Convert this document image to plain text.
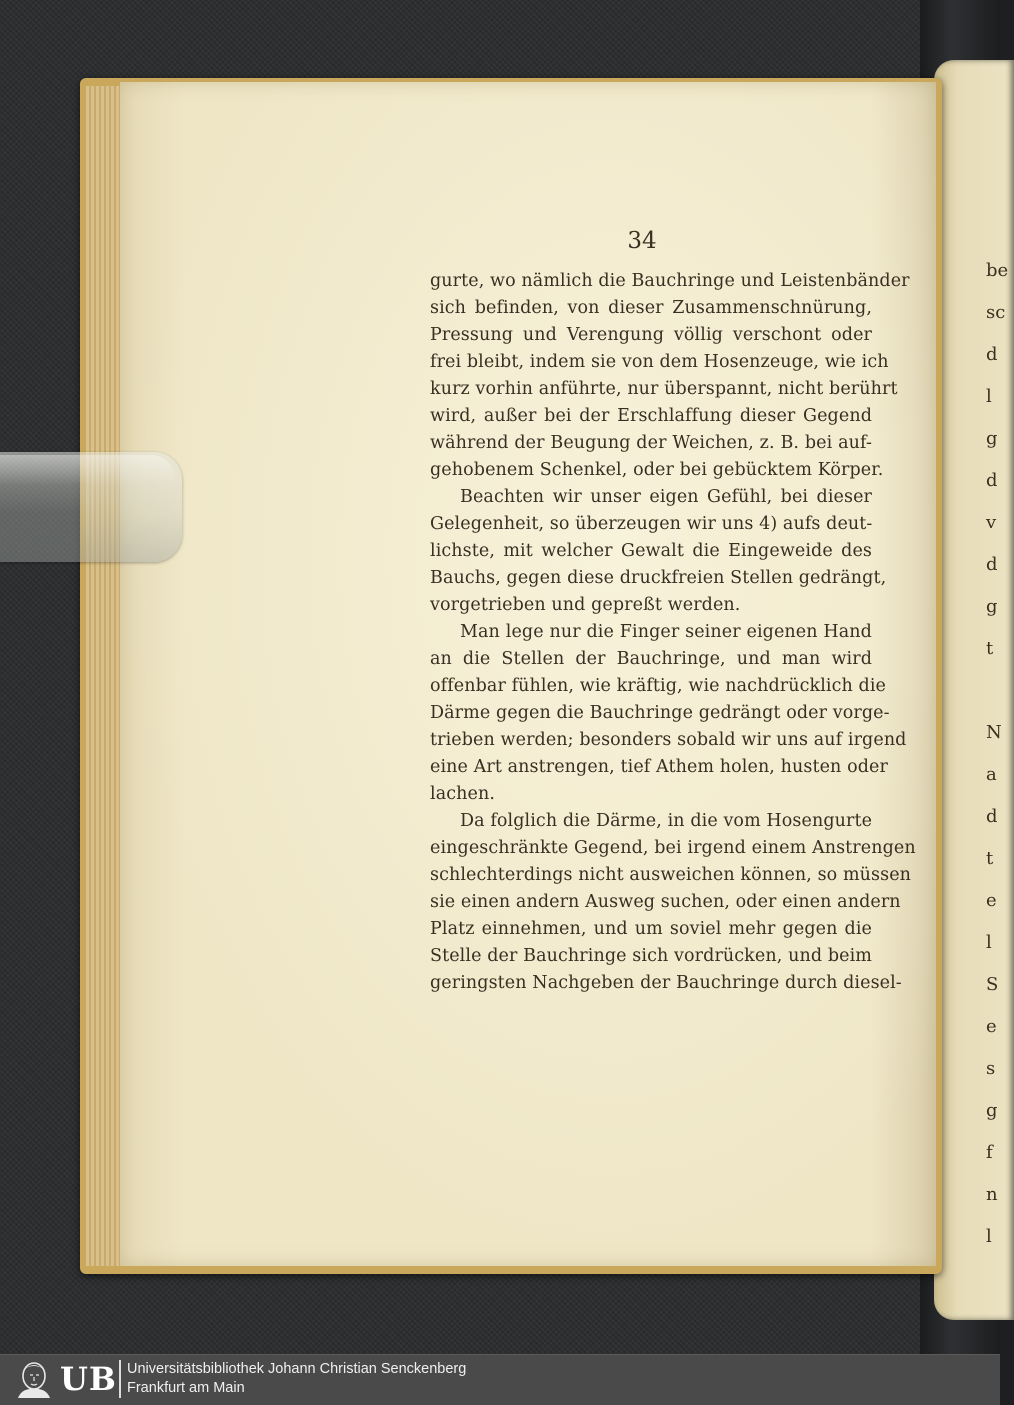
be
sc
d
l
g
d
v
d
g
t

N
a
d
t
e
l
S
e
s
g
f
n
l
34
gurte, wo nämlich die Bauchringe und Leistenbänder
sich befinden, von dieser Zusammenschnürung,
Pressung und Verengung völlig verschont oder
frei bleibt, indem sie von dem Hosenzeuge, wie ich
kurz vorhin anführte, nur überspannt, nicht berührt
wird, außer bei der Erschlaffung dieser Gegend
während der Beugung der Weichen, z. B. bei auf-
gehobenem Schenkel, oder bei gebücktem Körper.
Beachten wir unser eigen Gefühl, bei dieser
Gelegenheit, so überzeugen wir uns 4) aufs deut-
lichste, mit welcher Gewalt die Eingeweide des
Bauchs, gegen diese druckfreien Stellen gedrängt,
vorgetrieben und gepreßt werden.
Man lege nur die Finger seiner eigenen Hand
an die Stellen der Bauchringe, und man wird
offenbar fühlen, wie kräftig, wie nachdrücklich die
Därme gegen die Bauchringe gedrängt oder vorge-
trieben werden; besonders sobald wir uns auf irgend
eine Art anstrengen, tief Athem holen, husten oder
lachen.
Da folglich die Därme, in die vom Hosengurte
eingeschränkte Gegend, bei irgend einem Anstrengen
schlechterdings nicht ausweichen können, so müssen
sie einen andern Ausweg suchen, oder einen andern
Platz einnehmen, und um soviel mehr gegen die
Stelle der Bauchringe sich vordrücken, und beim
geringsten Nachgeben der Bauchringe durch diesel-
UB Universitätsbibliothek Johann Christian Senckenberg
Frankfurt am Main
